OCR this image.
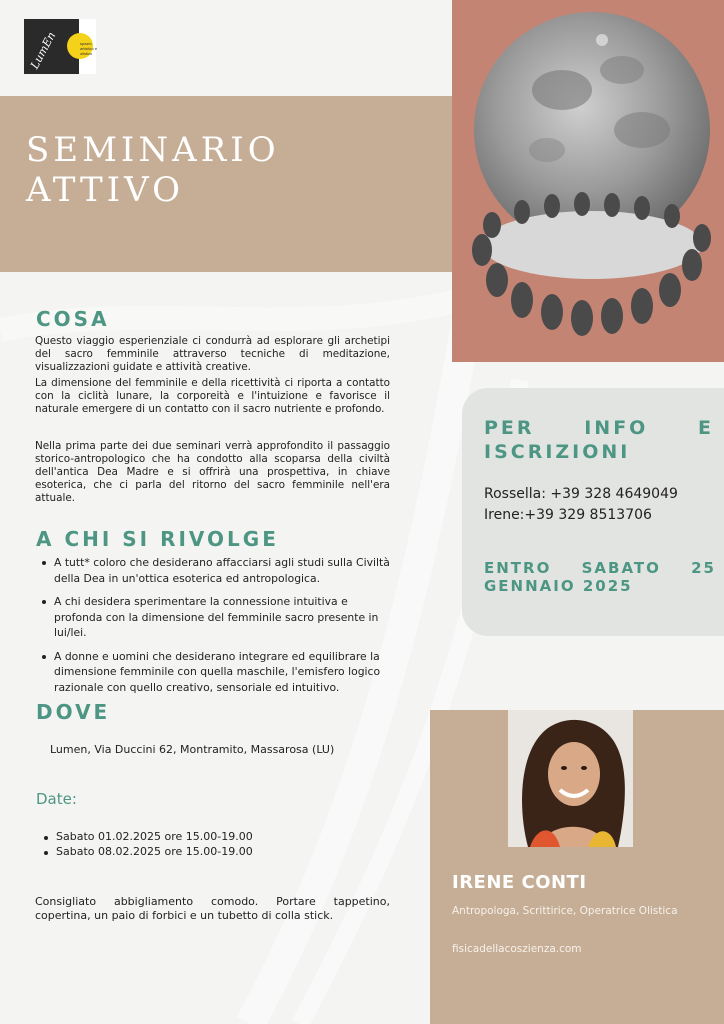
LumEn	spazio artistico e olistico
SEMINARIO
ATTIVO
COSA

Questo viaggio esperienziale ci condurrà ad esplorare gli archetipi del sacro femminile attraverso tecniche di meditazione, visualizzazioni guidate e attività creative.

La dimensione del femminile e della ricettività ci riporta a contatto con la ciclità lunare, la corporeità e l'intuizione e favorisce il naturale emergere di un contatto con il sacro nutriente e profondo.

Nella prima parte dei due seminari verrà approfondito il passaggio storico-antropologico che ha condotto alla scoparsa della civiltà dell'antica Dea Madre e si offrirà una prospettiva, in chiave esoterica, che ci parla del ritorno del sacro femminile nell'era attuale.

A CHI SI RIVOLGE
A tutt* coloro che desiderano affacciarsi agli studi sulla Civiltà della Dea in un'ottica esoterica ed antropologica.
A chi desidera sperimentare la connessione intuitiva e profonda con la dimensione del femminile sacro presente in lui/lei.
A donne e uomini che desiderano integrare ed equilibrare la dimensione femminile con quella maschile, l'emisfero logico razionale con quello creativo, sensoriale ed intuitivo.
DOVE
Lumen, Via Duccini 62, Montramito, Massarosa (LU)
Date:
Sabato 01.02.2025 ore 15.00-19.00
Sabato 08.02.2025 ore 15.00-19.00

Consigliato abbigliamento comodo. Portare tappetino, copertina, un paio di forbici e un tubetto di colla stick.

PER	INFO	E
ISCRIZIONI
Rossella: +39 328 4649049
Irene:+39 329 8513706
ENTRO SABATO 25
GENNAIO 2025
IRENE CONTI
Antropologa, Scrittirice, Operatrice Olistica
fisicadellacoszienza.com
